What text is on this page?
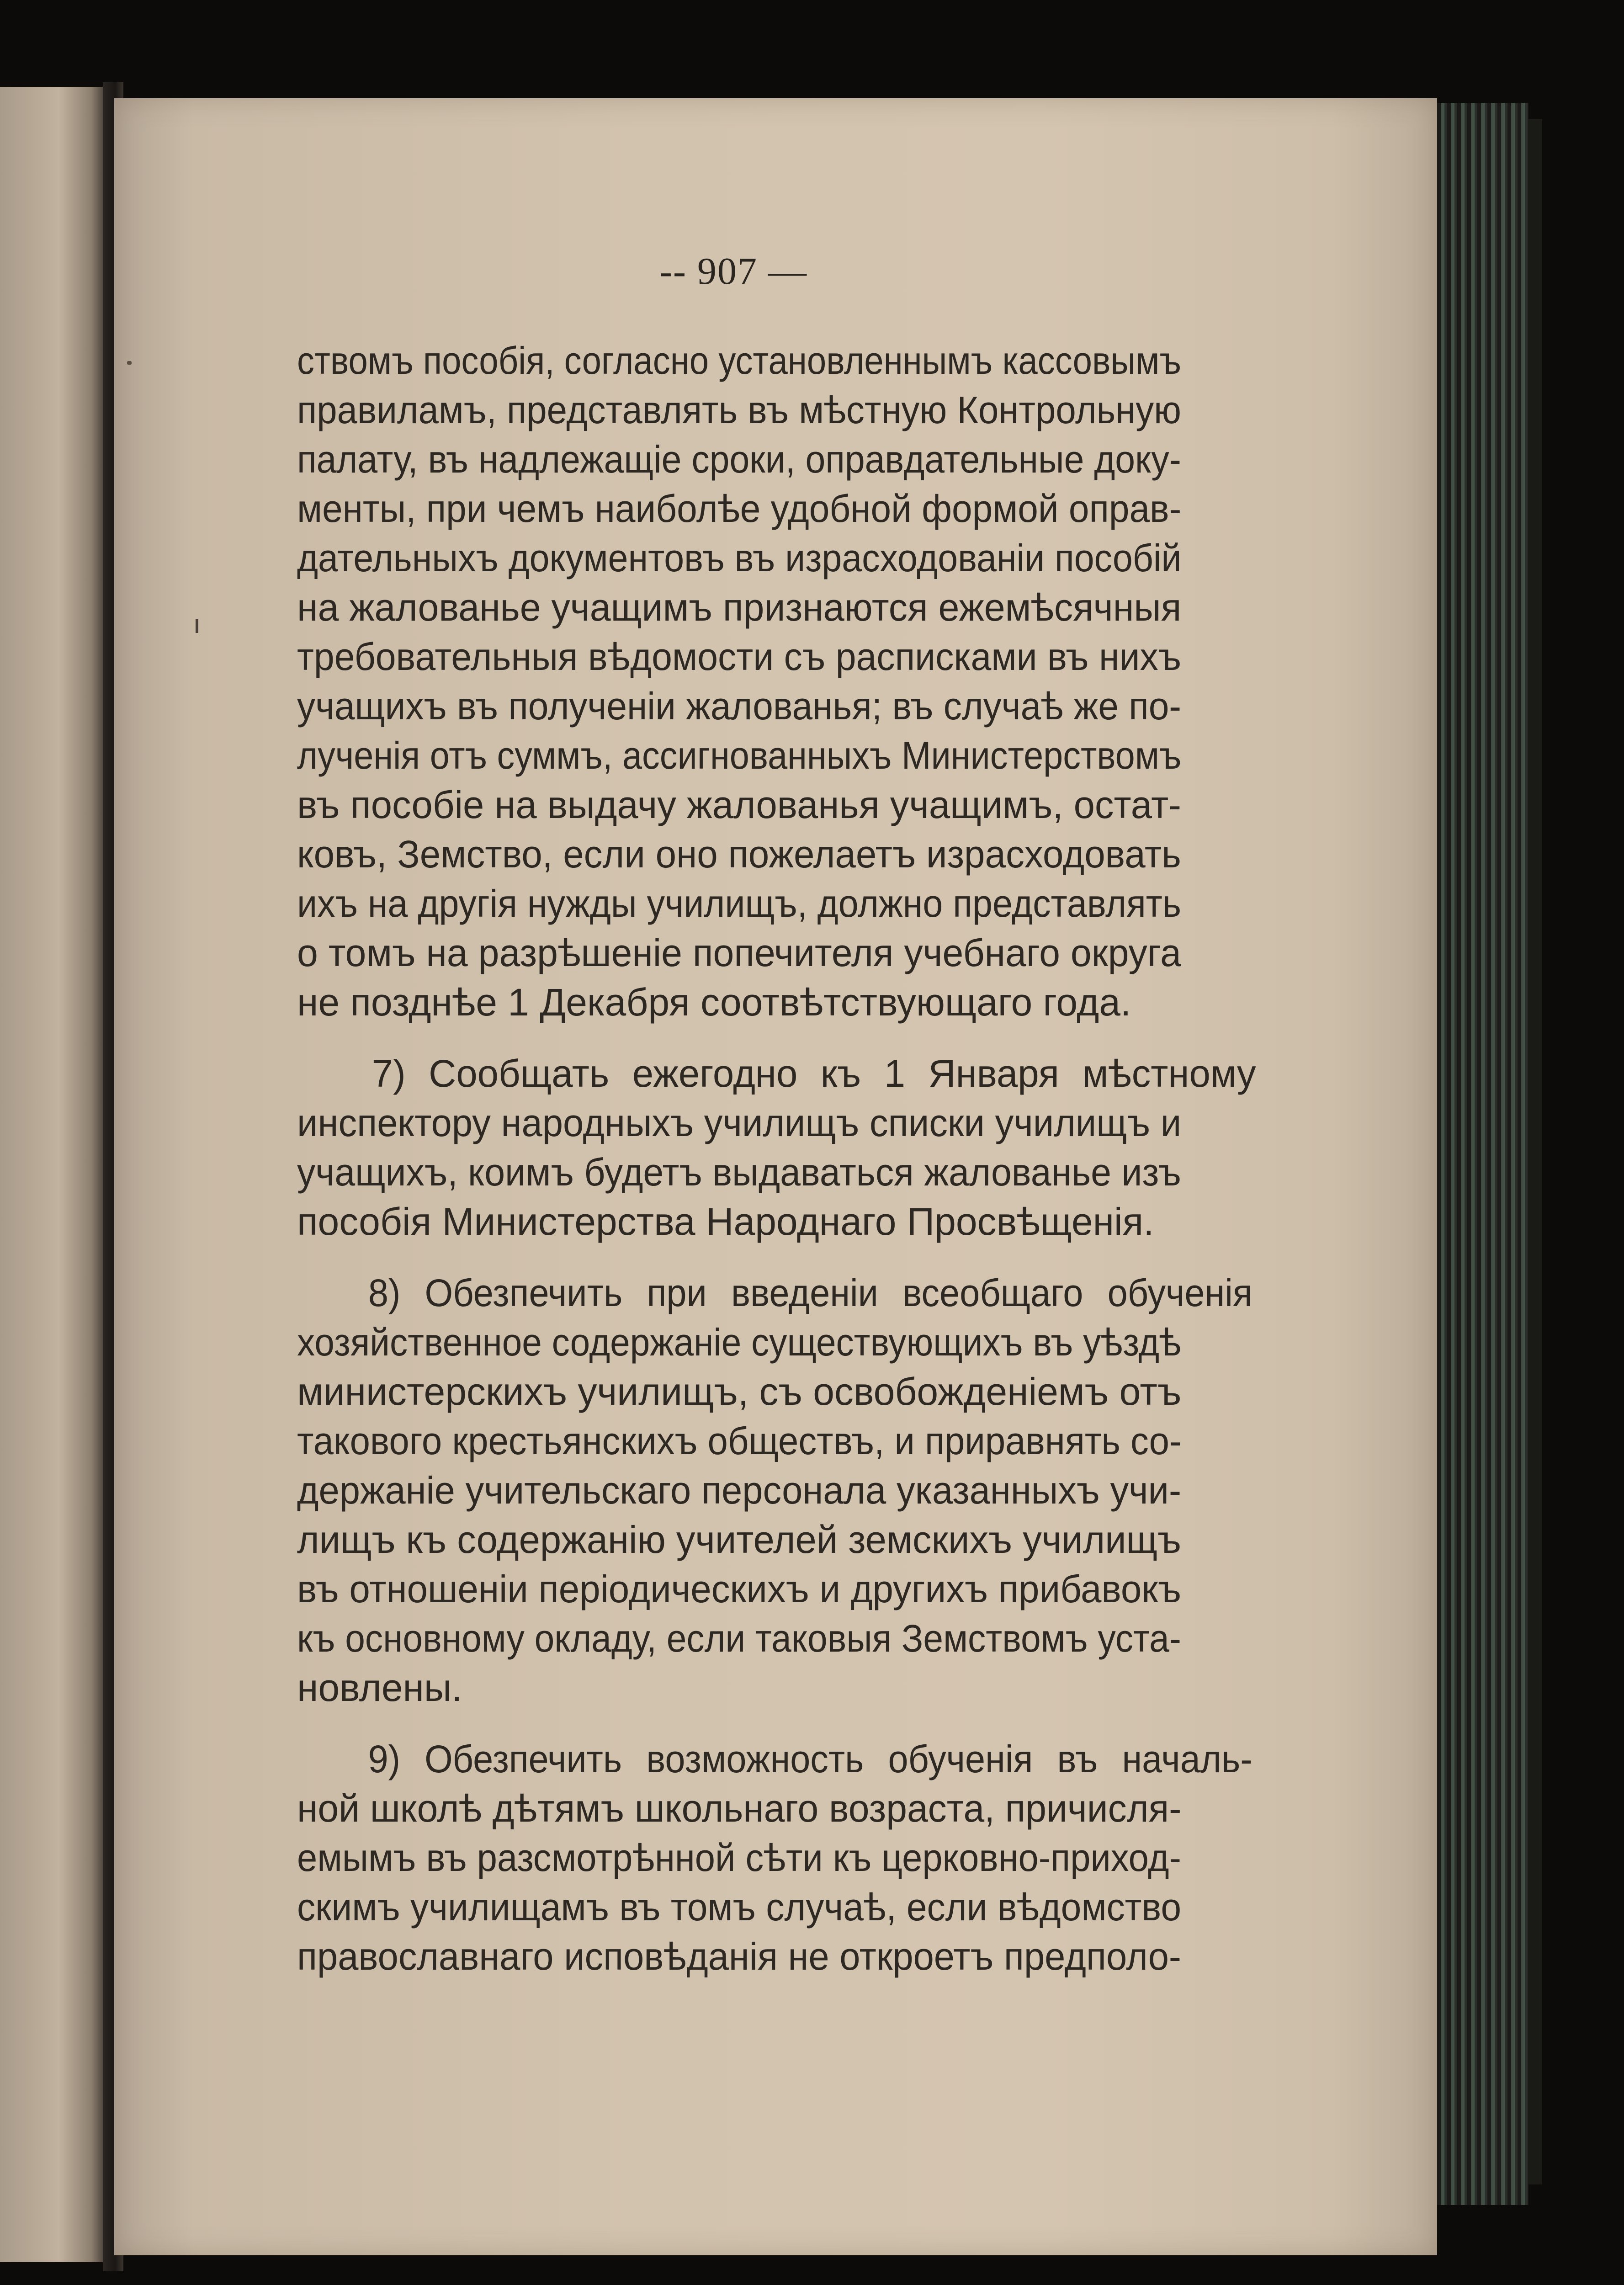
-- 907 —
ствомъ пособія, согласно установленнымъ кассовымъ
правиламъ, представлять въ мѣстную Контрольную
палату, въ надлежащіе сроки, оправдательные доку-
менты, при чемъ наиболѣе удобной формой оправ-
дательныхъ документовъ въ израсходованіи пособій
на жалованье учащимъ признаются ежемѣсячныя
требовательныя вѣдомости съ расписками въ нихъ
учащихъ въ полученіи жалованья; въ случаѣ же по-
лученія отъ суммъ, ассигнованныхъ Министерствомъ
въ пособіе на выдачу жалованья учащимъ, остат-
ковъ, Земство, если оно пожелаетъ израсходовать
ихъ на другія нужды училищъ, должно представлять
о томъ на разрѣшеніе попечителя учебнаго округа
не позднѣе 1 Декабря соотвѣтствующаго года.
7) Сообщать ежегодно къ 1 Января мѣстному
инспектору народныхъ училищъ списки училищъ и
учащихъ, коимъ будетъ выдаваться жалованье изъ
пособія Министерства Народнаго Просвѣщенія.
8) Обезпечить при введеніи всеобщаго обученія
хозяйственное содержаніе существующихъ въ уѣздѣ
министерскихъ училищъ, съ освобожденіемъ отъ
такового крестьянскихъ обществъ, и приравнять со-
держаніе учительскаго персонала указанныхъ учи-
лищъ къ содержанію учителей земскихъ училищъ
въ отношеніи періодическихъ и другихъ прибавокъ
къ основному окладу, если таковыя Земствомъ уста-
новлены.
9) Обезпечить возможность обученія въ началь-
ной школѣ дѣтямъ школьнаго возраста, причисля-
емымъ въ разсмотрѣнной сѣти къ церковно-приход-
скимъ училищамъ въ томъ случаѣ, если вѣдомство
православнаго исповѣданія не откроетъ предполо-
